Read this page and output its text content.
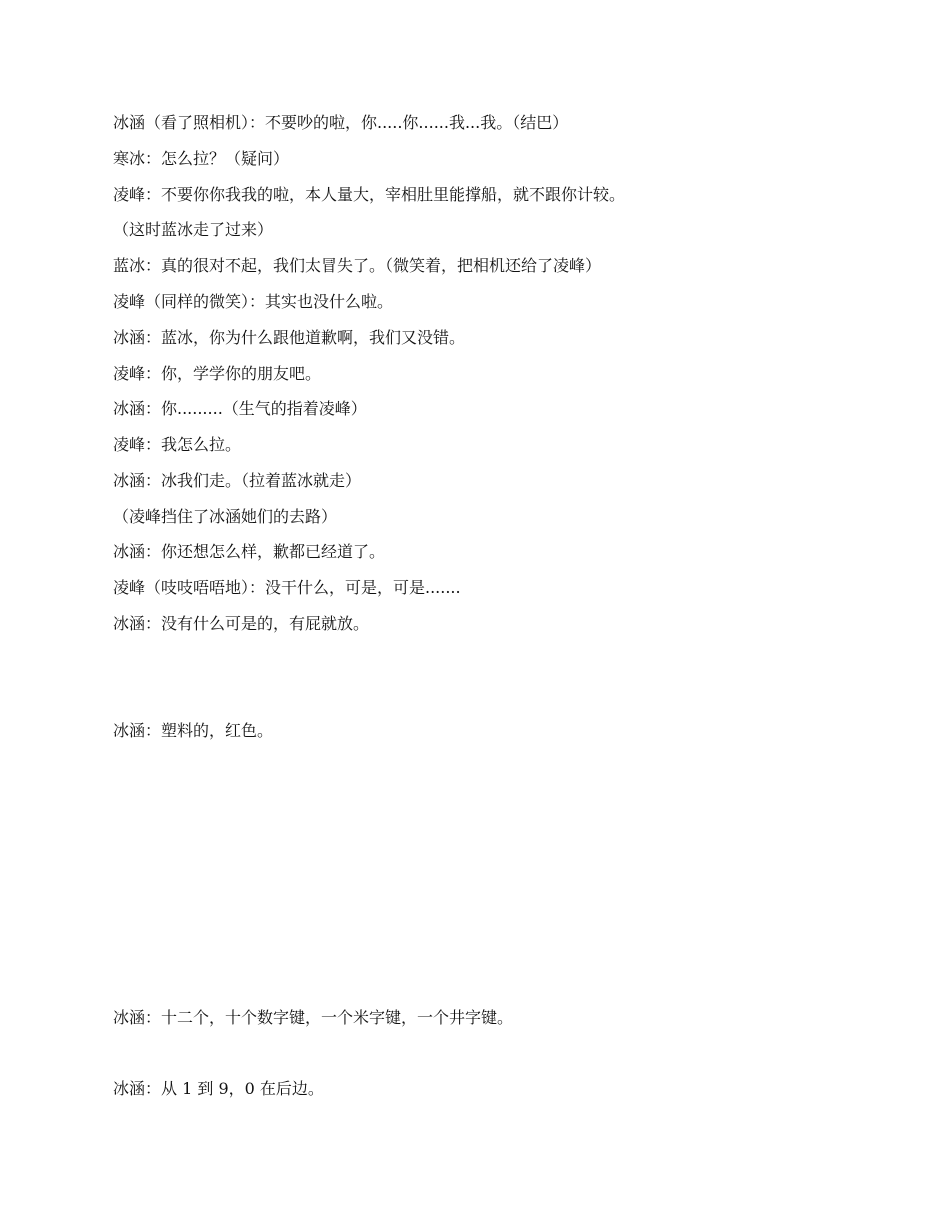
冰涵（看了照相机）：不要吵的啦，你.....你......我...我。（结巴）
寒冰：怎么拉？（疑问）
凌峰：不要你你我我的啦，本人量大，宰相肚里能撑船，就不跟你计较。
（这时蓝冰走了过来）
蓝冰：真的很对不起，我们太冒失了。（微笑着，把相机还给了凌峰）
凌峰（同样的微笑）：其实也没什么啦。
冰涵：蓝冰，你为什么跟他道歉啊，我们又没错。
凌峰：你，学学你的朋友吧。
冰涵：你.........（生气的指着凌峰）
凌峰：我怎么拉。
冰涵：冰我们走。（拉着蓝冰就走）
（凌峰挡住了冰涵她们的去路）
冰涵：你还想怎么样，歉都已经道了。
凌峰（吱吱唔唔地）：没干什么，可是，可是.......
冰涵：没有什么可是的，有屁就放。
冰涵：塑料的，红色。
冰涵：十二个，十个数字键，一个米字键，一个井字键。
冰涵：从 1 到 9，0 在后边。
